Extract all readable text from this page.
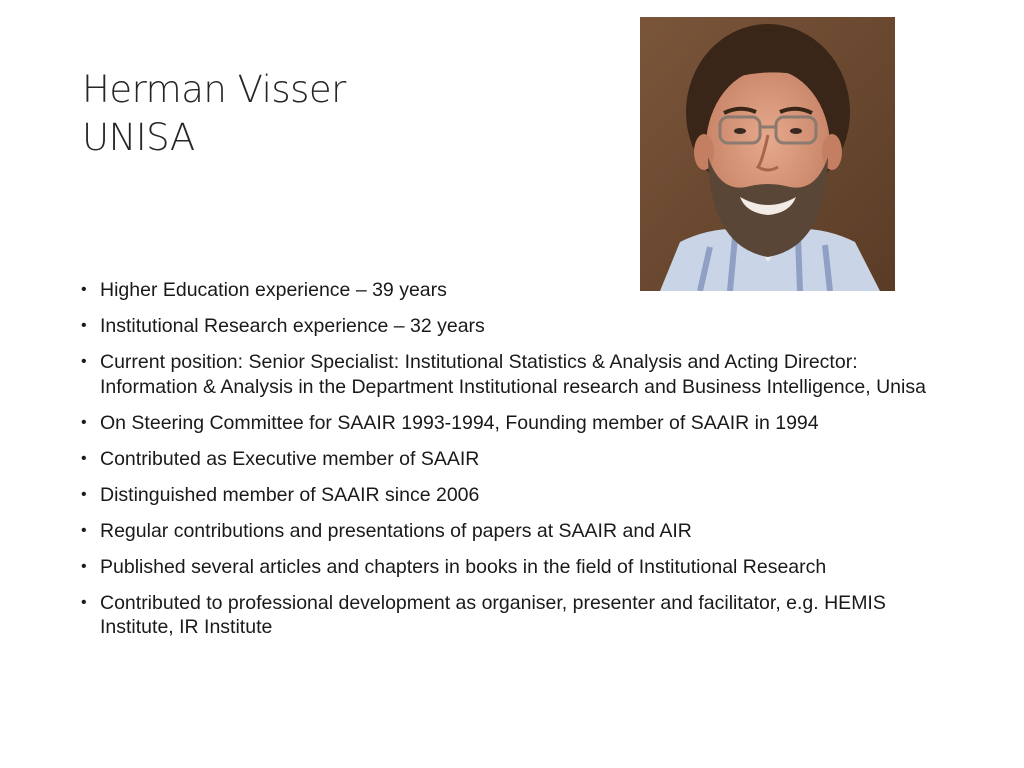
Herman Visser
UNISA
• Higher Education experience – 39 years
• Institutional Research experience – 32 years
• Current position: Senior Specialist: Institutional Statistics & Analysis and Acting Director: Information & Analysis in the Department Institutional research and Business Intelligence, Unisa
• On Steering Committee for SAAIR 1993-1994, Founding member of SAAIR in 1994
• Contributed as Executive member of SAAIR
• Distinguished member of SAAIR since 2006
• Regular contributions and presentations of papers at SAAIR and AIR
• Published several articles and chapters in books in the field of Institutional Research
• Contributed to professional development as organiser, presenter and facilitator, e.g. HEMIS Institute, IR Institute
